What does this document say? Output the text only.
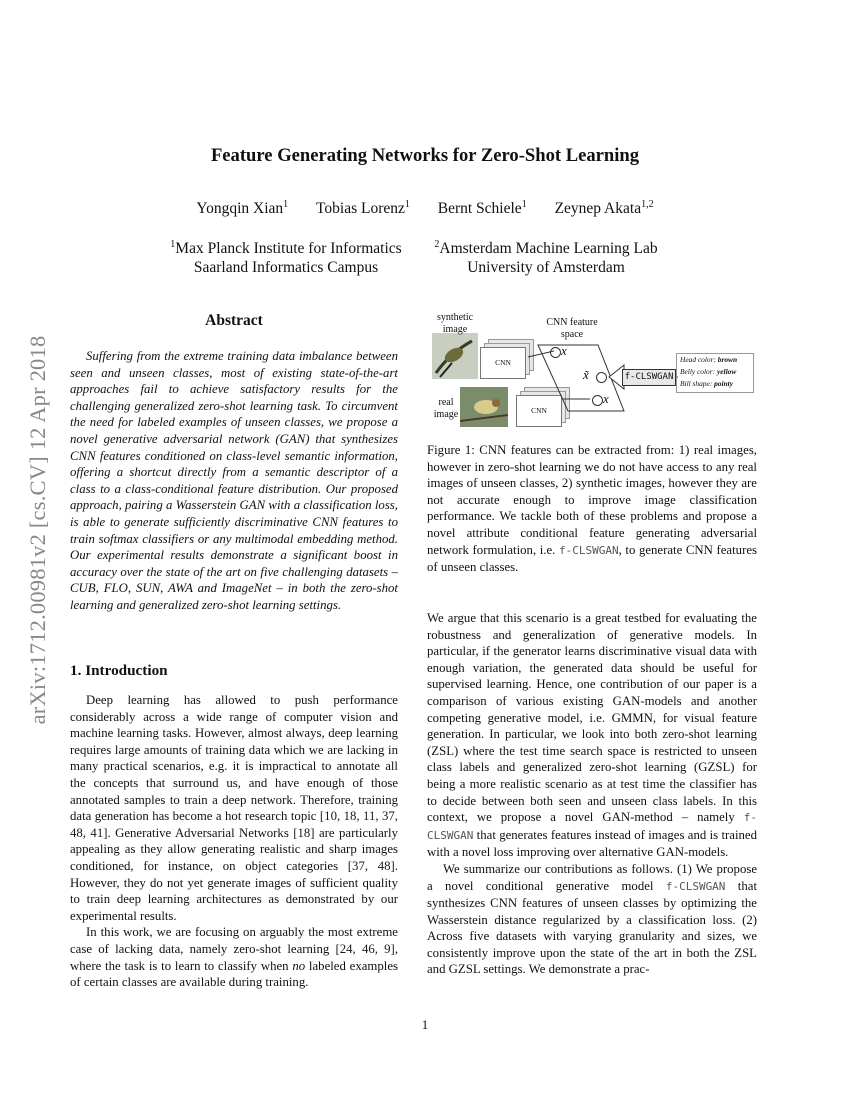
arXiv:1712.00981v2 [cs.CV] 12 Apr 2018
Feature Generating Networks for Zero-Shot Learning
Yongqin Xian$^1$ Tobias Lorenz$^1$ Bernt Schiele$^1$ Zeynep Akata$^{1,2}$
$^1$Max Planck Institute for Informatics
Saarland Informatics Campus
$^2$Amsterdam Machine Learning Lab
University of Amsterdam
Abstract

Suffering from the extreme training data imbalance between seen and unseen classes, most of existing state-of-the-art approaches fail to achieve satisfactory results for the challenging generalized zero-shot learning task. To circumvent the need for labeled examples of unseen classes, we propose a novel generative adversarial network (GAN) that synthesizes CNN features conditioned on class-level semantic information, offering a shortcut directly from a semantic descriptor of a class to a class-conditional feature distribution. Our proposed approach, pairing a Wasserstein GAN with a classification loss, is able to generate sufficiently discriminative CNN features to train softmax classifiers or any multimodal embedding method. Our experimental results demonstrate a significant boost in accuracy over the state of the art on five challenging datasets – CUB, FLO, SUN, AWA and ImageNet – in both the zero-shot learning and generalized zero-shot learning settings.

1. Introduction

Deep learning has allowed to push performance considerably across a wide range of computer vision and machine learning tasks. However, almost always, deep learning requires large amounts of training data which we are lacking in many practical scenarios, e.g. it is impractical to annotate all the concepts that surround us, and have enough of those annotated samples to train a deep network. Therefore, training data generation has become a hot research topic [10, 18, 11, 37, 48, 41]. Generative Adversarial Networks [18] are particularly appealing as they allow generating realistic and sharp images conditioned, for instance, on object categories [37, 48]. However, they do not yet generate images of sufficient quality to train deep learning architectures as demonstrated by our experimental results.

In this work, we are focusing on arguably the most extreme case of lacking data, namely zero-shot learning [24, 46, 9], where the task is to learn to classify when no labeled examples of certain classes are available during training.

synthetic image
CNN
real image	CNN
CNN feature space
x
x
x̃	f-CLSWGAN
Head color: brown
Belly color: yellow
Bill shape: pointy

Figure 1: CNN features can be extracted from: 1) real images, however in zero-shot learning we do not have access to any real images of unseen classes, 2) synthetic images, however they are not accurate enough to improve image classification performance. We tackle both of these problems and propose a novel attribute conditional feature generating adversarial network formulation, i.e. f-CLSWGAN, to generate CNN features of unseen classes.

We argue that this scenario is a great testbed for evaluating the robustness and generalization of generative models. In particular, if the generator learns discriminative visual data with enough variation, the generated data should be useful for supervised learning. Hence, one contribution of our paper is a comparison of various existing GAN-models and another competing generative model, i.e. GMMN, for visual feature generation. In particular, we look into both zero-shot learning (ZSL) where the test time search space is restricted to unseen class labels and generalized zero-shot learning (GZSL) for being a more realistic scenario as at test time the classifier has to decide between both seen and unseen class labels. In this context, we propose a novel GAN-method – namely f-CLSWGAN that generates features instead of images and is trained with a novel loss improving over alternative GAN-models.

We summarize our contributions as follows. (1) We propose a novel conditional generative model f-CLSWGAN that synthesizes CNN features of unseen classes by optimizing the Wasserstein distance regularized by a classification loss. (2) Across five datasets with varying granularity and sizes, we consistently improve upon the state of the art in both the ZSL and GZSL settings. We demonstrate a prac-

1
